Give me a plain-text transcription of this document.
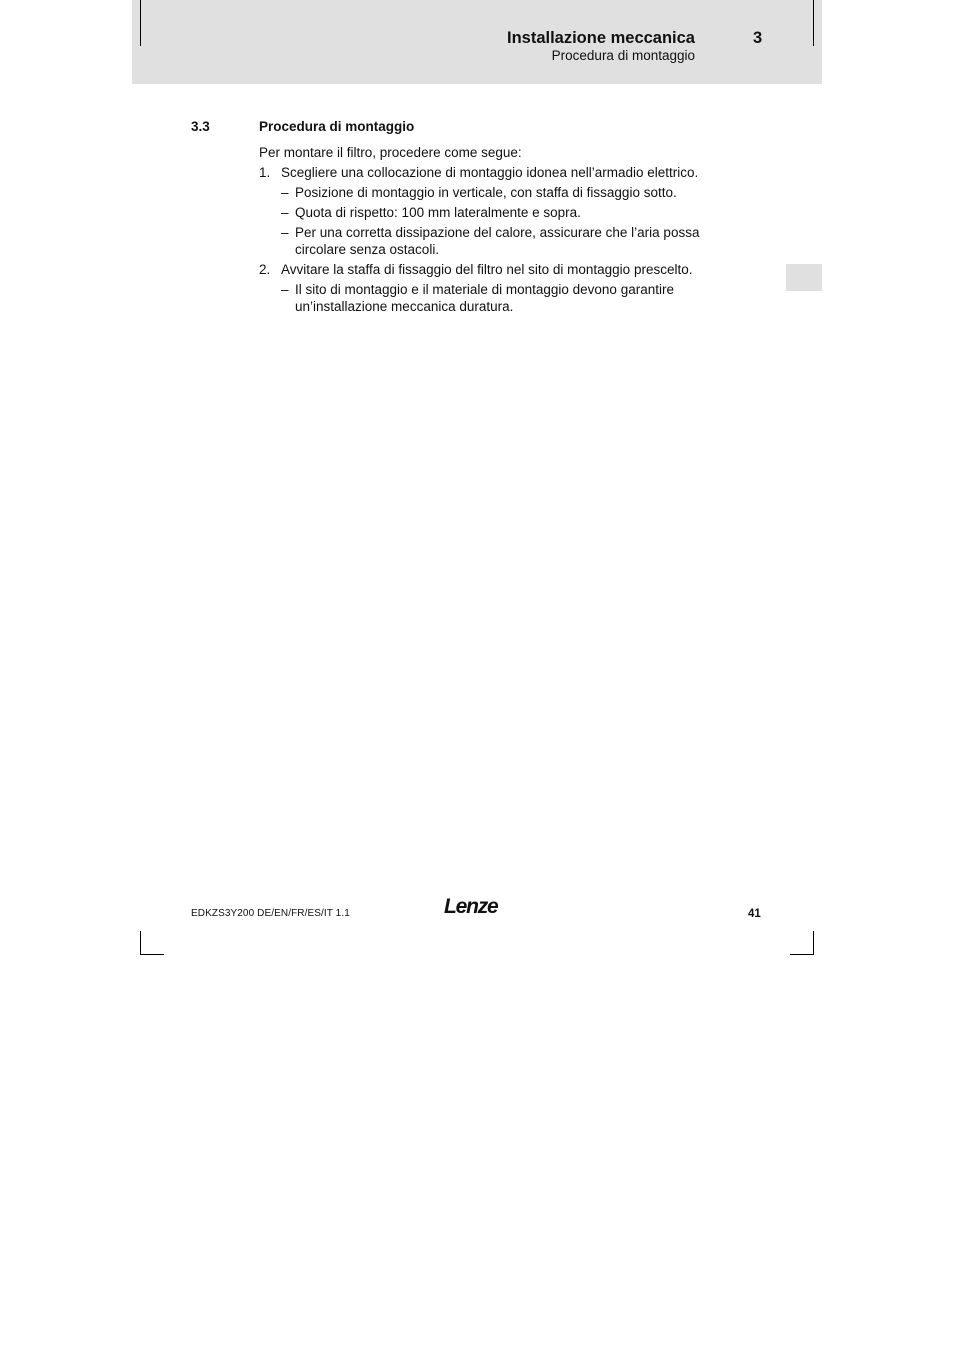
Installazione meccanica
Procedura di montaggio
3
3.3	Procedura di montaggio

Per montare il filtro, procedere come segue:

1. Scegliere una collocazione di montaggio idonea nell’armadio elettrico.
– Posizione di montaggio in verticale, con staffa di fissaggio sotto.
– Quota di rispetto: 100 mm lateralmente e sopra.
– Per una corretta dissipazione del calore, assicurare che l’aria possa circolare senza ostacoli.
2. Avvitare la staffa di fissaggio del filtro nel sito di montaggio prescelto.
– Il sito di montaggio e il materiale di montaggio devono garantire un’installazione meccanica duratura.
EDKZS3Y200 DE/EN/FR/ES/IT 1.1	Lenze	41
